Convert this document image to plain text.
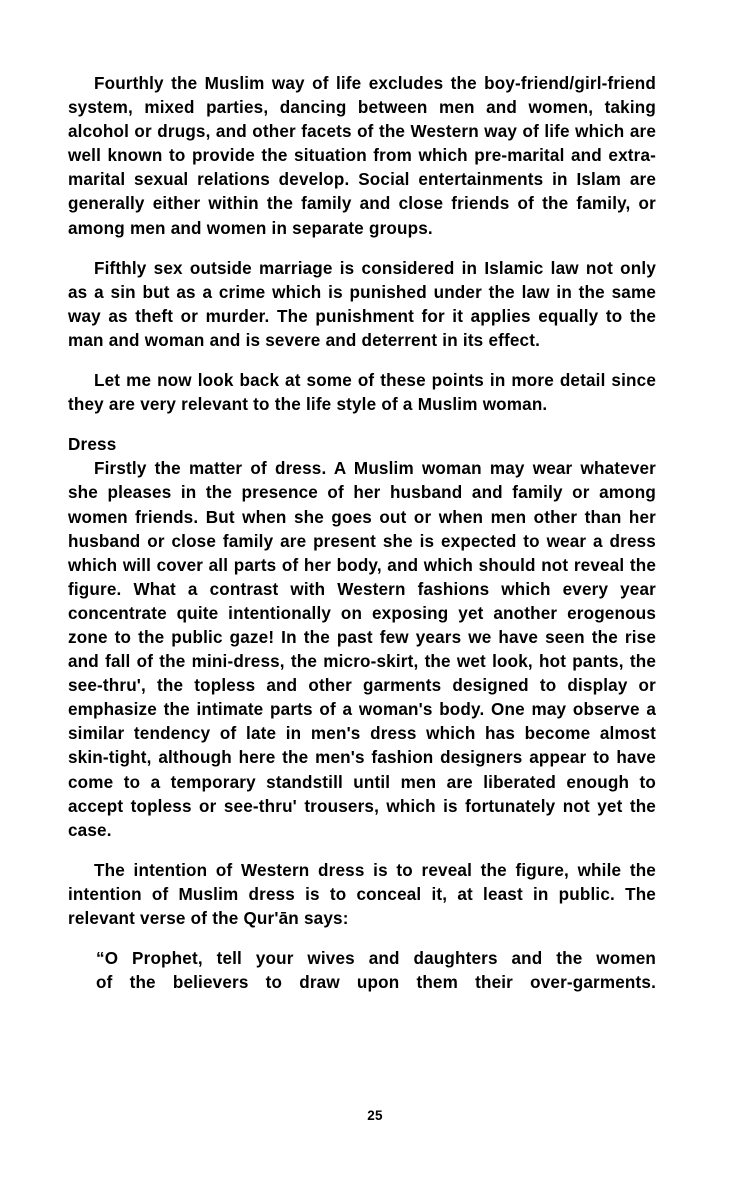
Fourthly the Muslim way of life excludes the boy-friend/girl-friend system, mixed parties, dancing between men and women, taking alcohol or drugs, and other facets of the Western way of life which are well known to provide the situation from which pre-marital and extra-marital sexual relations develop. Social entertainments in Islam are generally either within the family and close friends of the family, or among men and women in separate groups.

Fifthly sex outside marriage is considered in Islamic law not only as a sin but as a crime which is punished under the law in the same way as theft or murder. The punishment for it applies equally to the man and woman and is severe and deterrent in its effect.

Let me now look back at some of these points in more detail since they are very relevant to the life style of a Muslim woman.

Dress

Firstly the matter of dress. A Muslim woman may wear whatever she pleases in the presence of her husband and family or among women friends. But when she goes out or when men other than her husband or close family are present she is expected to wear a dress which will cover all parts of her body, and which should not reveal the figure. What a contrast with Western fashions which every year concentrate quite intentionally on exposing yet another erogenous zone to the public gaze! In the past few years we have seen the rise and fall of the mini-dress, the micro-skirt, the wet look, hot pants, the see-thru', the topless and other garments designed to display or emphasize the intimate parts of a woman's body. One may observe a similar tendency of late in men's dress which has become almost skin-tight, although here the men's fashion designers appear to have come to a temporary standstill until men are liberated enough to accept topless or see-thru' trousers, which is fortunately not yet the case.

The intention of Western dress is to reveal the figure, while the intention of Muslim dress is to conceal it, at least in public. The relevant verse of the Qur'ān says:

“O Prophet, tell your wives and daughters and the women

of the believers to draw upon them their over-garments.

25
